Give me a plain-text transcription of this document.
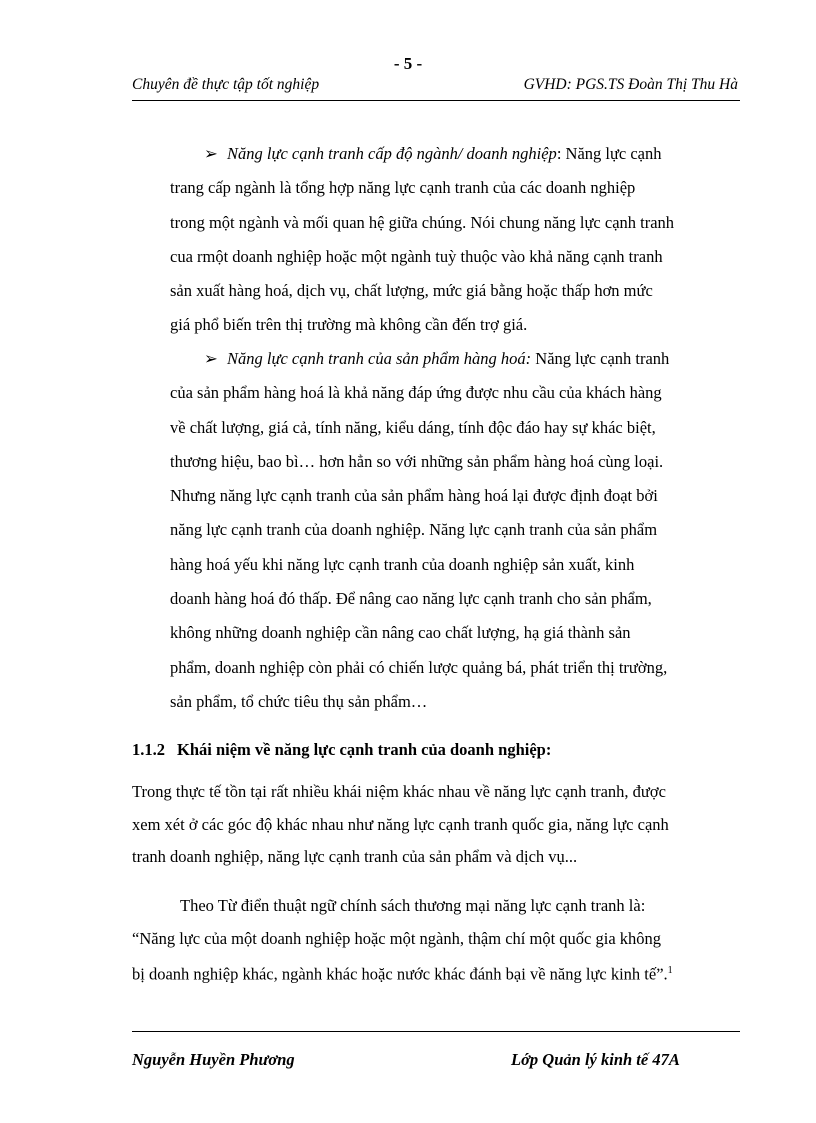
- 5 -
Chuyên đề thực tập tốt nghiệp	GVHD: PGS.TS Đoàn Thị Thu Hà
➢ Năng lực cạnh tranh cấp độ ngành/ doanh nghiệp: Năng lực cạnh
trang cấp ngành là tổng hợp năng lực cạnh tranh của các doanh nghiệp
trong một ngành và mối quan hệ giữa chúng. Nói chung năng lực cạnh tranh
cua rmột doanh nghiệp hoặc một ngành tuỳ thuộc vào khả năng cạnh tranh
sản xuất hàng hoá, dịch vụ, chất lượng, mức giá bằng hoặc thấp hơn mức
giá phổ biến trên thị trường mà không cần đến trợ giá.
➢ Năng lực cạnh tranh của sản phẩm hàng hoá: Năng lực cạnh tranh
của sản phẩm hàng hoá là khả năng đáp ứng được nhu cầu của khách hàng
về chất lượng, giá cả, tính năng, kiểu dáng, tính độc đáo hay sự khác biệt,
thương hiệu, bao bì… hơn hẳn so với những sản phẩm hàng hoá cùng loại.
Nhưng năng lực cạnh tranh của sản phẩm hàng hoá lại được định đoạt bởi
năng lực cạnh tranh của doanh nghiệp. Năng lực cạnh tranh của sản phẩm
hàng hoá yếu khi năng lực cạnh tranh của doanh nghiệp sản xuất, kinh
doanh hàng hoá đó thấp. Để nâng cao năng lực cạnh tranh cho sản phẩm,
không những doanh nghiệp cần nâng cao chất lượng, hạ giá thành sản
phẩm, doanh nghiệp còn phải có chiến lược quảng bá, phát triển thị trường,
sản phẩm, tổ chức tiêu thụ sản phẩm…
1.1.2 Khái niệm về năng lực cạnh tranh của doanh nghiệp:
Trong thực tế tồn tại rất nhiều khái niệm khác nhau về năng lực cạnh tranh, được
xem xét ở các góc độ khác nhau như năng lực cạnh tranh quốc gia, năng lực cạnh
tranh doanh nghiệp, năng lực cạnh tranh của sản phẩm và dịch vụ...
Theo Từ điển thuật ngữ chính sách thương mại năng lực cạnh tranh là:
“Năng lực của một doanh nghiệp hoặc một ngành, thậm chí một quốc gia không
bị doanh nghiệp khác, ngành khác hoặc nước khác đánh bại về năng lực kinh tế”.$^1$
Nguyễn Huyền Phương	Lớp Quản lý kinh tế 47A
